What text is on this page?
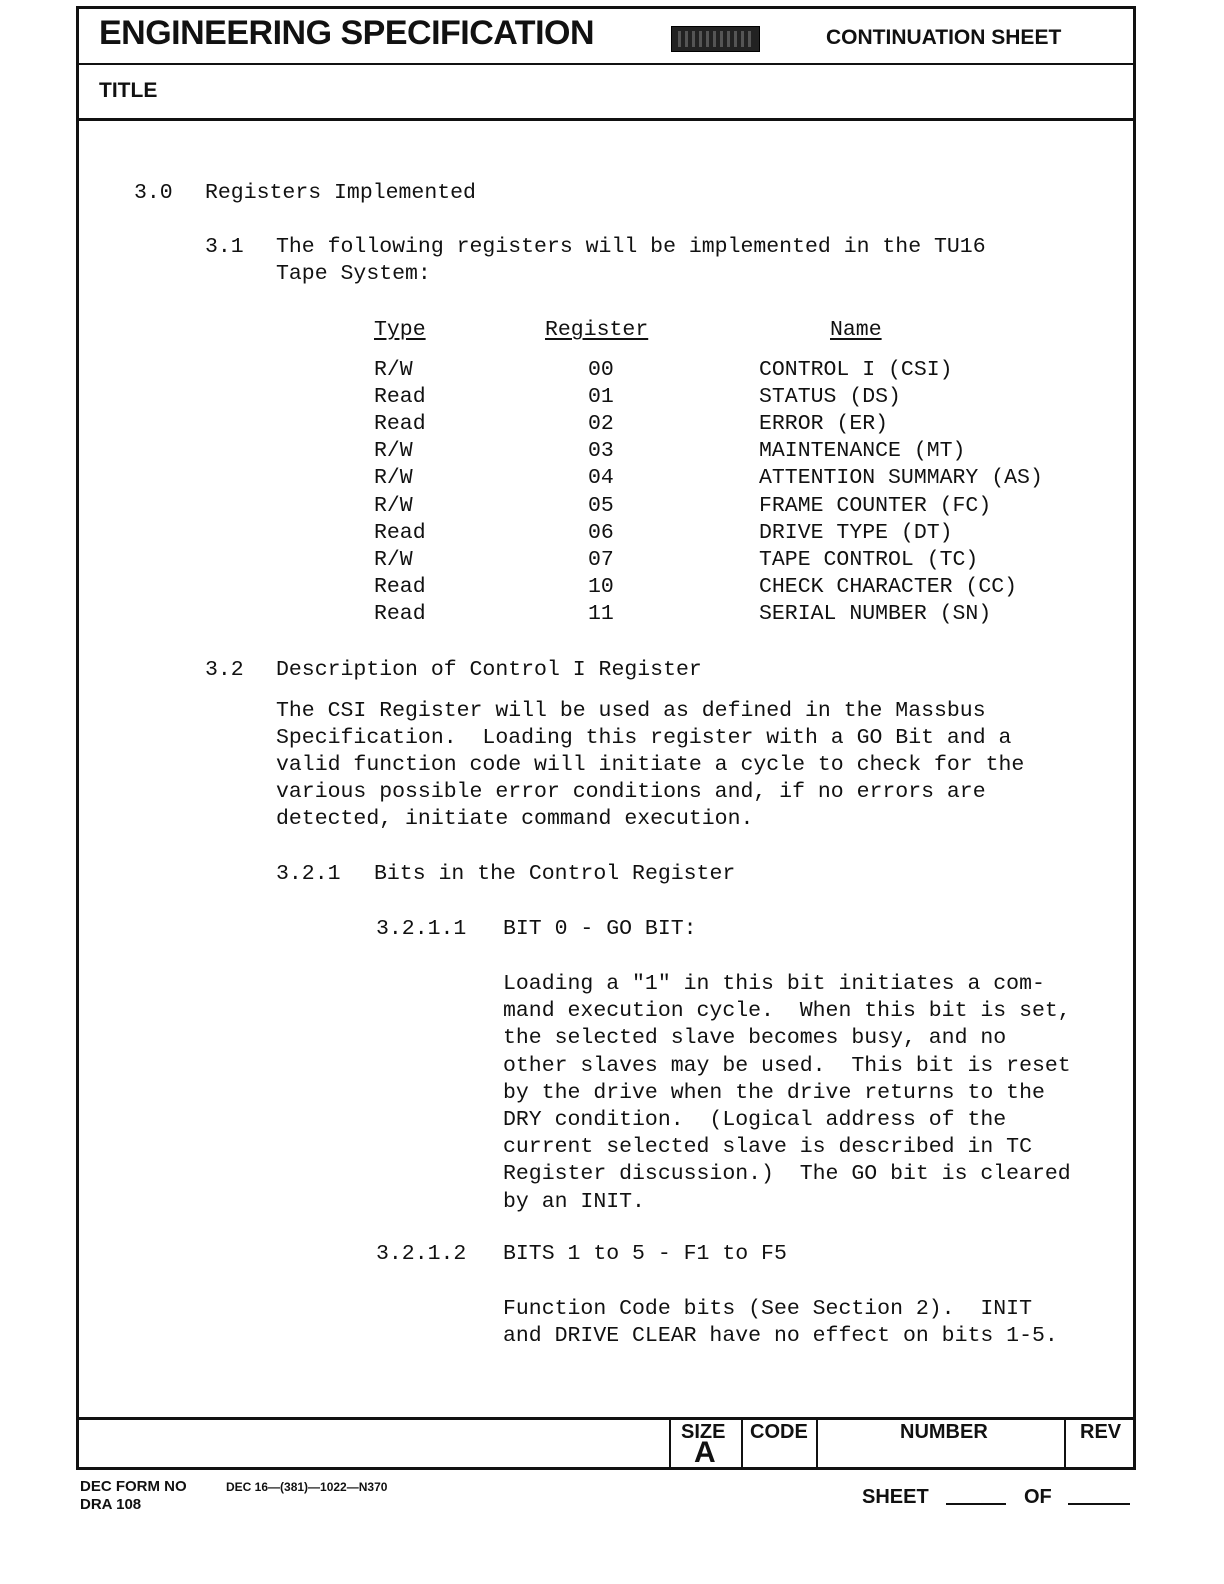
ENGINEERING SPECIFICATION	CONTINUATION SHEET
TITLE
3.0 Registers Implemented
3.1 The following registers will be implemented in the TU16
Tape System:
Type	Register	Name
R/W	00	CONTROL I (CSI)
Read	01	STATUS (DS)
Read	02	ERROR (ER)
R/W	03	MAINTENANCE (MT)
R/W	04	ATTENTION SUMMARY (AS)
R/W	05	FRAME COUNTER (FC)
Read	06	DRIVE TYPE (DT)
R/W	07	TAPE CONTROL (TC)
Read	10	CHECK CHARACTER (CC)
Read	11	SERIAL NUMBER (SN)
3.2 Description of Control I Register
The CSI Register will be used as defined in the Massbus
Specification.  Loading this register with a GO Bit and a
valid function code will initiate a cycle to check for the
various possible error conditions and, if no errors are
detected, initiate command execution.
3.2.1 Bits in the Control Register
3.2.1.1 BIT 0 - GO BIT:
Loading a "1" in this bit initiates a com-
mand execution cycle.  When this bit is set,
the selected slave becomes busy, and no
other slaves may be used.  This bit is reset
by the drive when the drive returns to the
DRY condition.  (Logical address of the
current selected slave is described in TC
Register discussion.)  The GO bit is cleared
by an INIT.
3.2.1.2 BITS 1 to 5 - F1 to F5
Function Code bits (See Section 2).  INIT
and DRIVE CLEAR have no effect on bits 1-5.
SIZE
A
CODE	NUMBER	REV
DEC FORM NO	DEC 16—(381)—1022—N370
DRA 108	SHEET	OF
